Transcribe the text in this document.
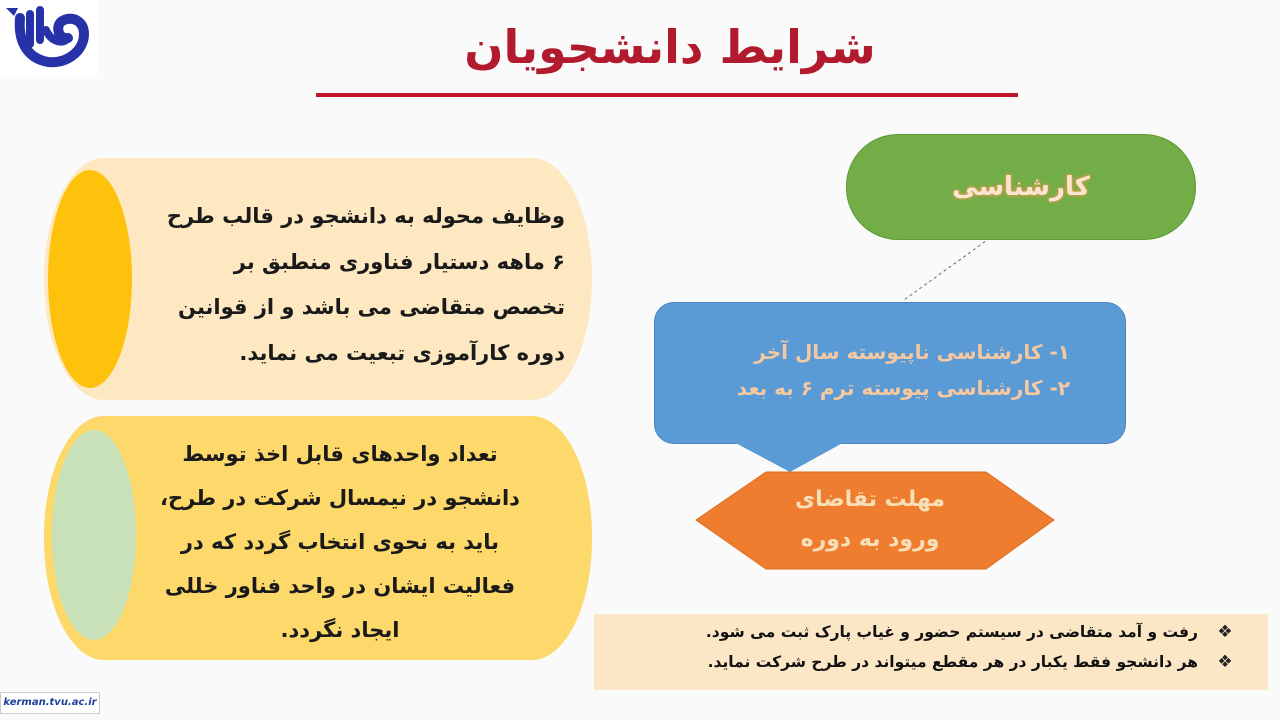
شرایط دانشجویان
وظایف محوله به دانشجو در قالب طرح
۶ ماهه دستیار فناوری منطبق بر
تخصص متقاضی می باشد و از قوانین
دوره کارآموزی تبعیت می نماید.
تعداد واحدهای قابل اخذ توسط
دانشجو در نیمسال شرکت در طرح،
باید به نحوی انتخاب گردد که در
فعالیت ایشان در واحد فناور خللی
ایجاد نگردد.
کارشناسی
۱- کارشناسی ناپیوسته سال آخر
۲- کارشناسی پیوسته ترم ۶ به بعد
مهلت تقاضای
ورود به دوره
❖
رفت و آمد متقاضی در سیستم حضور و غیاب پارک ثبت می شود.
❖
هر دانشجو فقط یکبار در هر مقطع میتواند در طرح شرکت نماید.
kerman.tvu.ac.ir
